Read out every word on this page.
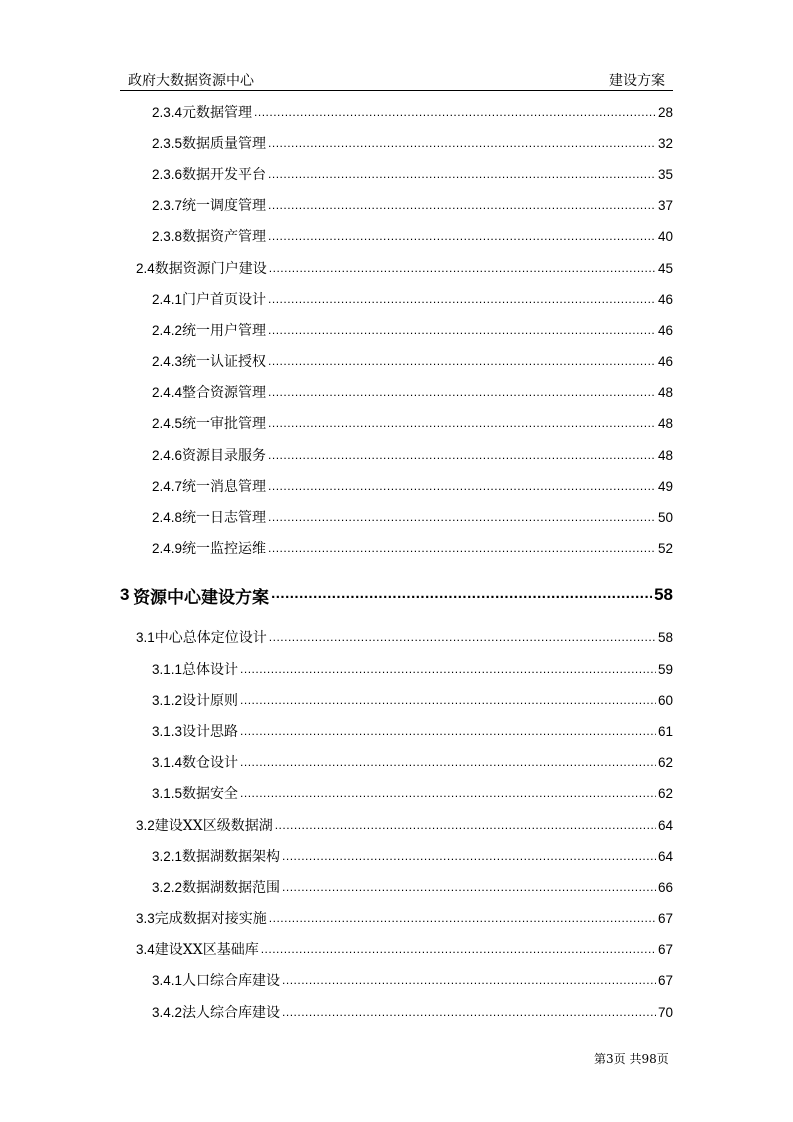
政府大数据资源中心	建设方案
2.3.4 元数据管理 .....	28
2.3.5 数据质量管理 .....	32
2.3.6 数据开发平台 .....	35
2.3.7 统一调度管理 .....	37
2.3.8 数据资产管理 .....	40
2.4 数据资源门户建设 .....	45
2.4.1 门户首页设计 .....	46
2.4.2 统一用户管理 .....	46
2.4.3 统一认证授权 .....	46
2.4.4 整合资源管理 .....	48
2.4.5 统一审批管理 .....	48
2.4.6 资源目录服务 .....	48
2.4.7 统一消息管理 .....	49
2.4.8 统一日志管理 .....	50
2.4.9 统一监控运维 .....	52
3 资源中心建设方案 .....	58
3.1 中心总体定位设计 .....	58
3.1.1 总体设计 .....	59
3.1.2 设计原则 .....	60
3.1.3 设计思路 .....	61
3.1.4 数仓设计 .....	62
3.1.5 数据安全 .....	62
3.2 建设XX区级数据湖 .....	64
3.2.1 数据湖数据架构 .....	64
3.2.2 数据湖数据范围 .....	66
3.3 完成数据对接实施 .....	67
3.4 建设XX区基础库 .....	67
3.4.1 人口综合库建设 .....	67
3.4.2 法人综合库建设 .....	70
第3页 共98页
